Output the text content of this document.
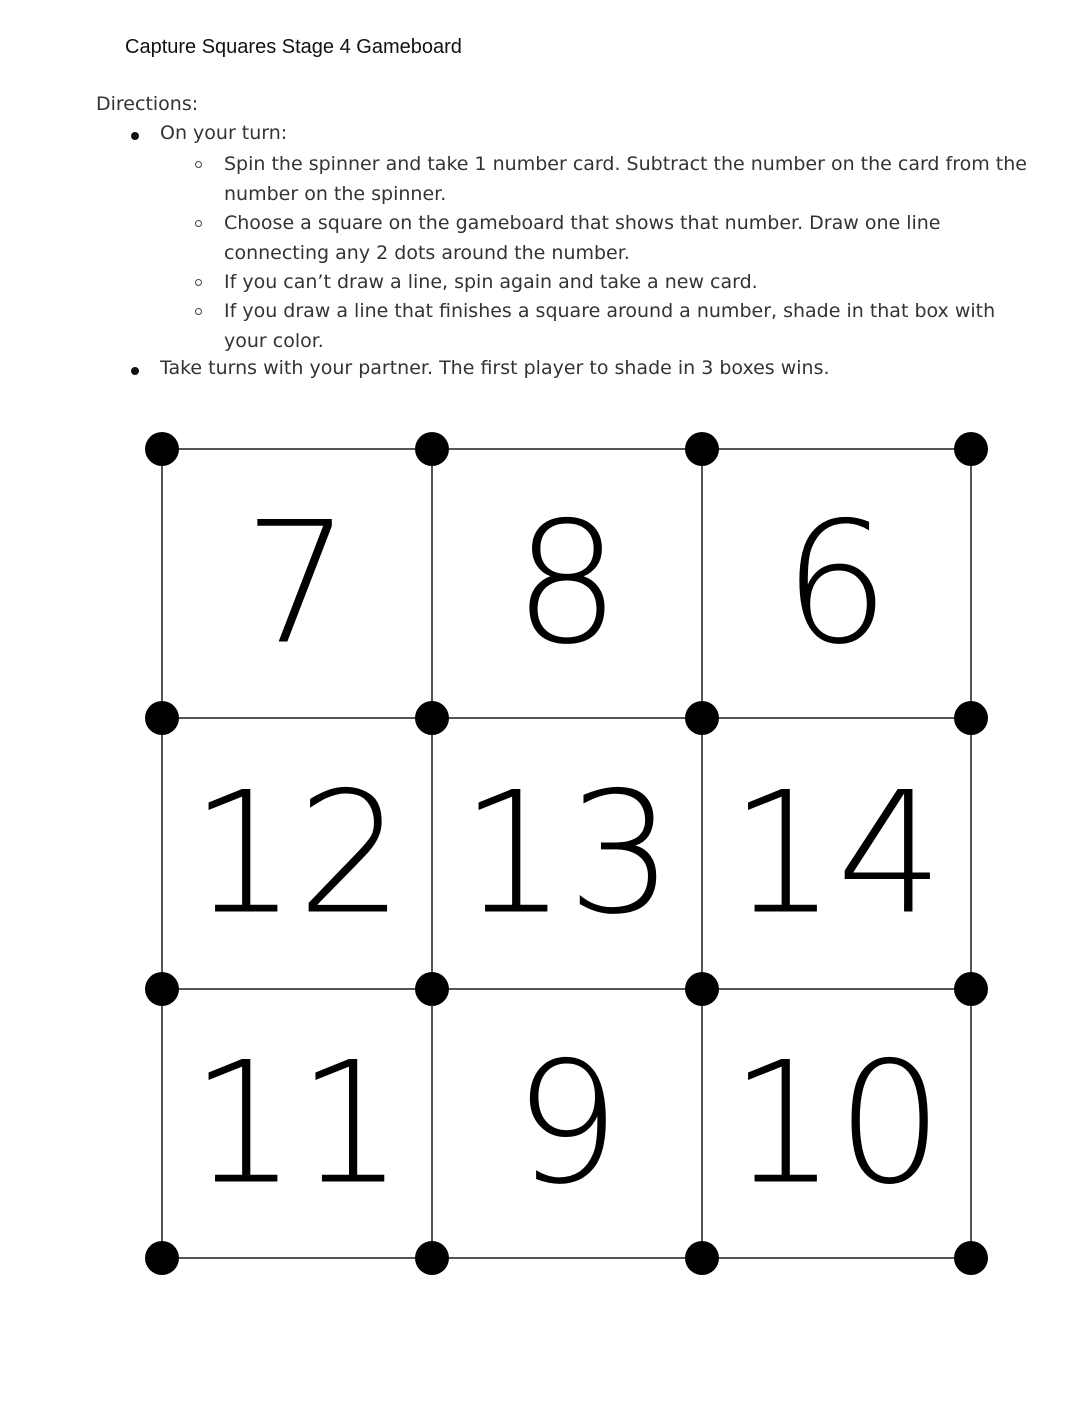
Capture Squares Stage 4 Gameboard
Directions:
On your turn:
Spin the spinner and take 1 number card. Subtract the number on the card from the number on the spinner.
Choose a square on the gameboard that shows that number. Draw one line connecting any 2 dots around the number.
If you can’t draw a line, spin again and take a new card.
If you draw a line that finishes a square around a number, shade in that box with your color.
Take turns with your partner. The first player to shade in 3 boxes wins.
7 8 6
12 13 14
11 9 10
